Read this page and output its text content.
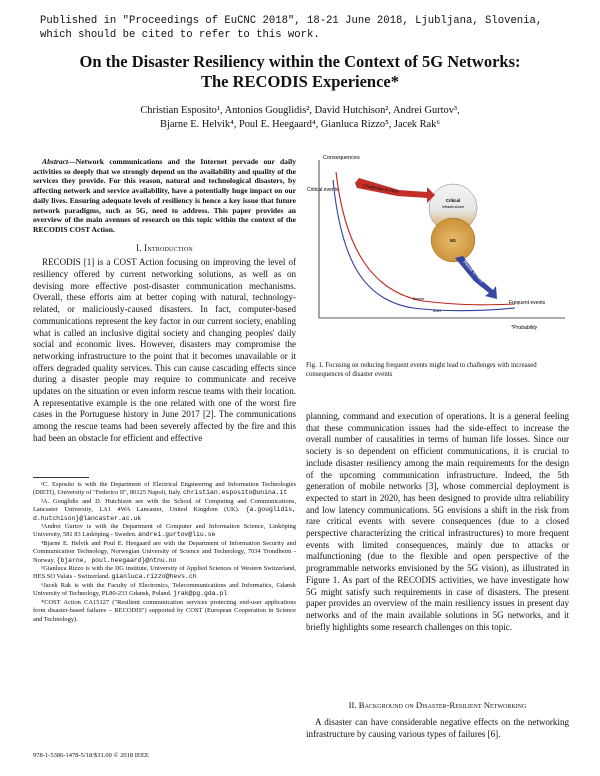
Published in "Proceedings of EuCNC 2018", 18-21 June 2018, Ljubljana, Slovenia,
which should be cited to refer to this work.
On the Disaster Resiliency within the Context of 5G Networks:
The RECODIS Experience*
Christian Esposito¹, Antonios Gouglidis², David Hutchison², Andrei Gurtov³,
Bjarne E. Helvik⁴, Poul E. Heegaard⁴, Gianluca Rizzo⁵, Jacek Rak⁶

Abstract—Network communications and the Internet pervade our daily activities so deeply that we strongly depend on the availability and quality of the services they provide. For this reason, natural and technological disasters, by affecting network and service availability, have a potentially huge impact on our daily lives. Ensuring adequate levels of resiliency is hence a key issue that future network paradigms, such as 5G, need to address. This paper provides an overview of the main avenues of research on this topic within the context of the RECODIS COST Action.

I. Introduction

RECODIS [1] is a COST Action focusing on improving the level of resiliency offered by current networking solutions, as well as on devising more effective post-disaster communication mechanisms. Overall, these efforts aim at better coping with natural, technology-related, or maliciously-caused disasters. In fact, computer-based communications represent the key factor in our current society, enabling what is called an inclusive digital society and changing peoples' daily social and economic lives. However, disasters may compromise the networking infrastructure to the point that it becomes unavailable or it offers degraded quality services. This can cause cascading effects since during a disaster people may require to communicate and receive updates on the situation or even inform rescue teams with their location. A representative example is the one related with one of the worst fire cases in the Portuguese history in June 2017 [2]. The communications among the rescue teams had been severely affected by the fire and this had been an obstacle for efficient and effective

¹C. Esposito is with the Department of Electrical Engineering and Information Technologies (DIETI), University of "Federico II", 80125 Napoli, Italy. christian.esposito@unina.it

²A. Gouglidis and D. Hutchison are with the School of Computing and Communications, Lancaster University, LA1 4WA Lancaster, United Kingdom (UK). {a.gouglidis, d.hutchison}@lancaster.ac.uk

³Andrei Gurtov is with the Department of Computer and Information Science, Linköping University, 581 83 Linköping - Sweden. andrei.gurtov@liu.se

⁴Bjarne E. Helvik and Poul E. Heegaard are with the Department of Information Security and Communication Technology, Norwegian University of Science and Technology, 7034 Trondheim - Norway. {bjarne, poul.heegaard}@ntnu.no

⁵Gianluca Rizzo is with the IIG institute, University of Applied Sciences of Western Switzerland, HES SO Valais - Switzerland. gianluca.rizzo@hevs.ch

⁶Jacek Rak is with the Faculty of Electronics, Telecommunications and Informatics, Gdansk University of Technology, PL80-233 Gdansk, Poland. jrak@pg.gda.pl

*COST Action CA15127 ("Resilient communication services protecting end-user applications from disaster-based failures – RECODIS") supported by COST (European Cooperation in Science and Technology).

978-1-5386-1478-5/18/$31.00 © 2018 IEEE
Consequences
*Probability
Critical events
Frequent events
Before
After
Critical
infrastructure
5G
Challenge is here
Result is here
Fig. 1. Focusing on reducing frequent events might lead to challenges with increased consequences of disaster events

planning, command and execution of operations. It is a general feeling that these communication issues had the side-effect to increase the overall number of causalities in terms of human life losses. Since our society is so dependent on efficient communications, it is crucial to include disaster resiliency among the main requirements for the design of the upcoming communication infrastructure. Indeed, the 5th generation of mobile networks [3], whose commercial deployment is expected to start in 2020, has been designed to provide ultra reliability and low latency communications. 5G envisions a shift in the risk from rare critical events with severe consequences (due to a closed perspective characterizing the critical infrastructures) to more frequent events with limited consequences, mainly due to attacks or malfunctioning (due to the flexible and open perspective of the programmable networks envisioned by the 5G vision), as illustrated in Figure 1. As part of the RECODIS activities, we have investigate how 5G might satisfy such requirements in case of disasters. The present paper provides an overview of the main resiliency issues in present day networks and of the main available solutions in 5G networks, and it briefly highlights some research challenges on this topic.

II. Background on Disaster-Resilient Networking

A disaster can have considerable negative effects on the networking infrastructure by causing various types of failures [6].
